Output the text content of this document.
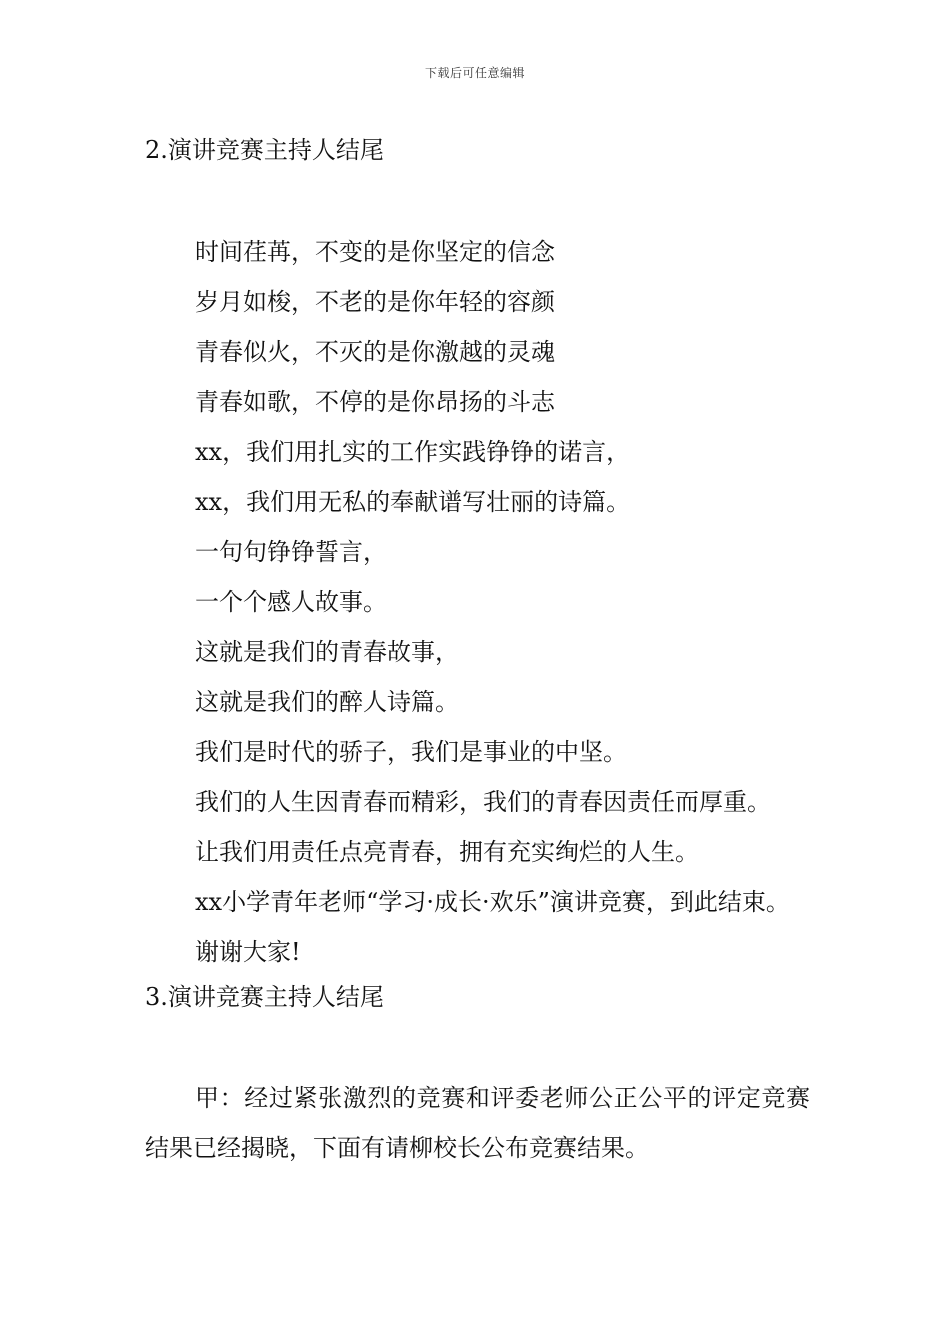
下载后可任意编辑
2.演讲竞赛主持人结尾

时间荏苒，不变的是你坚定的信念

岁月如梭，不老的是你年轻的容颜

青春似火，不灭的是你激越的灵魂

青春如歌，不停的是你昂扬的斗志

xx，我们用扎实的工作实践铮铮的诺言，

xx，我们用无私的奉献谱写壮丽的诗篇。

一句句铮铮誓言，

一个个感人故事。

这就是我们的青春故事，

这就是我们的醉人诗篇。

我们是时代的骄子，我们是事业的中坚。

我们的人生因青春而精彩，我们的青春因责任而厚重。

让我们用责任点亮青春，拥有充实绚烂的人生。

xx小学青年老师“学习·成长·欢乐”演讲竞赛，到此结束。

谢谢大家!

3.演讲竞赛主持人结尾

甲：经过紧张激烈的竞赛和评委老师公正公平的评定竞赛结果已经揭晓，下面有请柳校长公布竞赛结果。
